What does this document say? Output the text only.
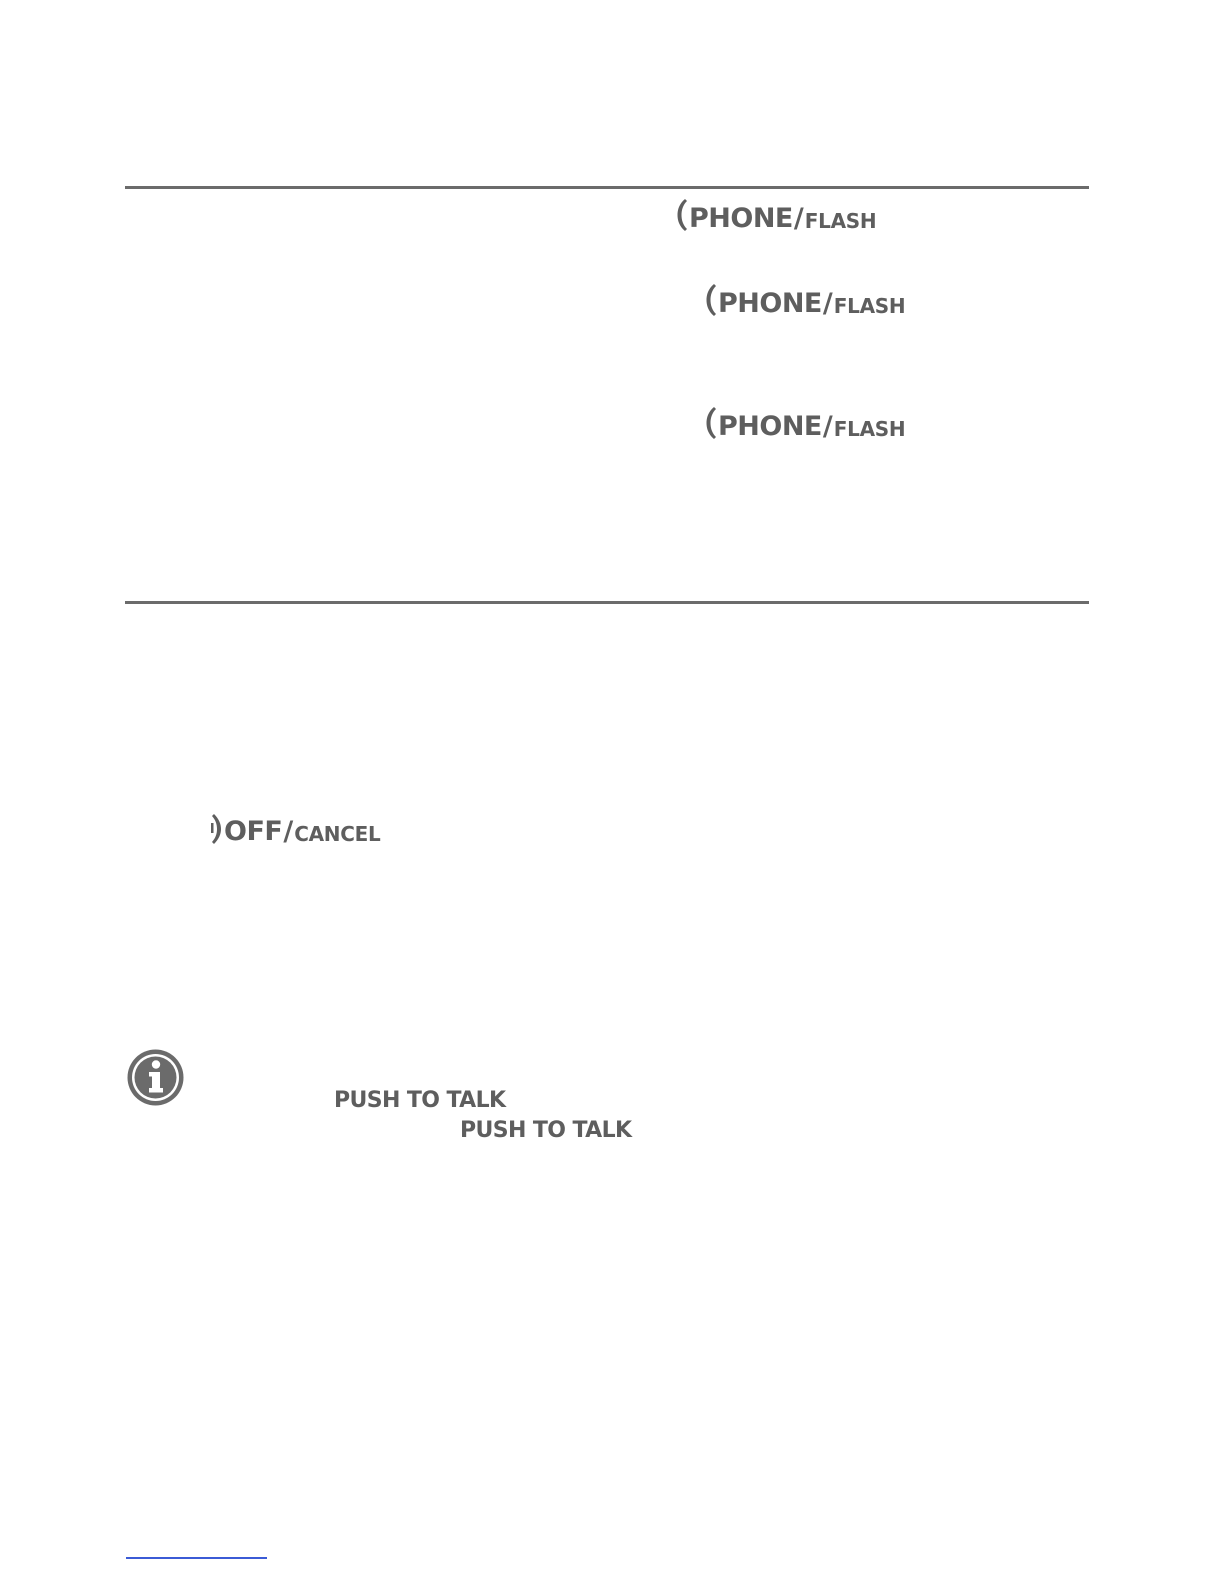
PHONE / FLASH
PHONE / FLASH
PHONE / FLASH
OFF / CANCEL
PUSH TO TALK
PUSH TO TALK
